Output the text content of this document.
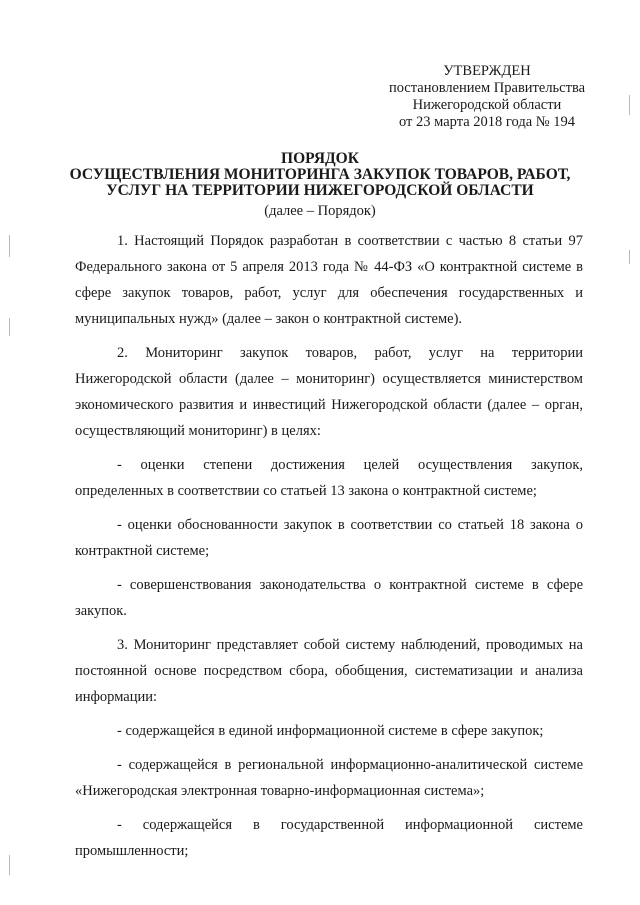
УТВЕРЖДЕН
постановлением Правительства
Нижегородской области
от 23 марта 2018 года № 194
ПОРЯДОК
ОСУЩЕСТВЛЕНИЯ МОНИТОРИНГА ЗАКУПОК ТОВАРОВ, РАБОТ,
УСЛУГ НА ТЕРРИТОРИИ НИЖЕГОРОДСКОЙ ОБЛАСТИ
(далее – Порядок)

1. Настоящий Порядок разработан в соответствии с частью 8 статьи 97 Федерального закона от 5 апреля 2013 года № 44-ФЗ «О контрактной системе в сфере закупок товаров, работ, услуг для обеспечения государственных и муниципальных нужд» (далее – закон о контрактной системе).

2. Мониторинг закупок товаров, работ, услуг на территории Нижегородской области (далее – мониторинг) осуществляется министерством экономического развития и инвестиций Нижегородской области (далее – орган, осуществляющий мониторинг) в целях:

- оценки степени достижения целей осуществления закупок, определенных в соответствии со статьей 13 закона о контрактной системе;

- оценки обоснованности закупок в соответствии со статьей 18 закона о контрактной системе;

- совершенствования законодательства о контрактной системе в сфере закупок.

3. Мониторинг представляет собой систему наблюдений, проводимых на постоянной основе посредством сбора, обобщения, систематизации и анализа информации:

- содержащейся в единой информационной системе в сфере закупок;

- содержащейся в региональной информационно-аналитической системе «Нижегородская электронная товарно-информационная система»;

- содержащейся в государственной информационной системе промышленности;
